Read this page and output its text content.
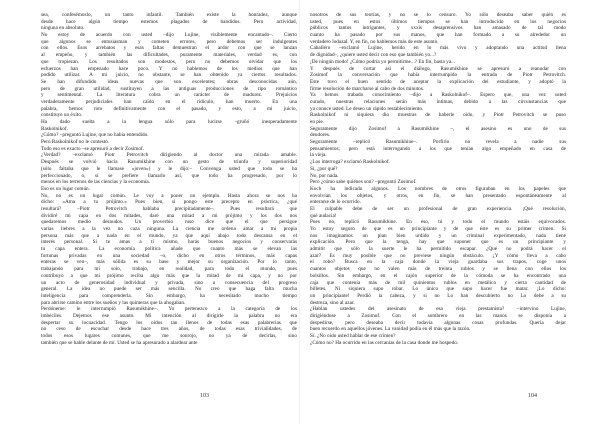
sea, confesémoslo, un tanto infantil. También existe la honradez, aunque
desde hace algún tiempo estemos plagados de bandidos. Pero actividad,
ninguna en absoluto.
No estoy de acuerdo con usted –dijo Lujine, visiblemente encantado–. Cierto
que algunos se entusiasman y cometen errores, pero debemos ser indulgentes
con ellos. Esos arrebatos y esas faltas demuestran el ardor con que se lanzan
al empeño, y también las dificultades, puramente materiales, verdad es, con
que tropiezan. Los resultados son modestos, pero no debemos olvidar que los
esfuerzos han empezado hace poco. Y no hablemos de los medios que han
podido utilizar. A mi juicio, no obstante, se han obtenido ya ciertos resultados.
Se han difundido ideas nuevas que son excelentes; obras desconocidas aún,
pero de gran utilidad, sustituyen a las antiguas producciones de tipo romántico
y sentimental. La literatura cobra un carácter de madurez. Prejuicios
verdaderamente perjudiciales han caído en el ridículo, han muerto. En una
palabra, hemos roto definitivamente con el pasado, y esto, a mi juicio,
constituye un éxito.
Ha dado suelta a la lengua sólo para lucirse –gruñó inesperadamente
Raskolnikof.
¿Cómo? –preguntó Lujine, que no había entendido.
Pero Raskolnikof no le contestó.
Todo eso es exacto –se apresuró a decir Zosimof.
¿Verdad? –exclamó Piotr Petrovitch dirigiendo al doctor una mirada amable.
Después se volvió hacia Rasumikhine con un gesto de triunfo y superioridad
(sólo faltaba que le llamase «joven») y le dijo:– Convenga usted que todo se ha
perfeccionado, o, si se prefiere llamarlo así, que todo ha progresado, por lo
menos en los terrenos de las ciencias y la economía.
Eso es un lugar común.
No, no es un lugar común. Le voy a poner un ejemplo. Hasta ahora se nos ha
dicho: «Ama a tu prójimo.» Pues bien, si pongo este precepto en práctica, ¿qué
resultará? –Piotr Petrovitch hablaba precipitadamente–. Pues resultará que
dividiré mi capa en dos mitades, daré una mitad a mi prójimo y los dos nos
quedaremos medio desnudos. Un proverbio ruso dice que el que persigue
varias liebres a la vez no caza ninguna. La ciencia me ordena amar a mi propia
persona más que a nada en el mundo, ya que aquí abajo todo descansa en el
interés personal. Si te amas a ti mismo, harás buenos negocios y conservarás
tu capa entera. La economía política añade que cuanto más se elevan las
fortunas privadas en una sociedad –o, dicho en otros términos, más capas
enteras se ven–, más sólida es su base y mejor su organización. Por lo tanto,
trabajando para mí solo, trabajo, en realidad, para todo el mundo, pues
contribuyo a que mi prójimo reciba algo más que la mitad de mi capa, y no por
un acto de generosidad individual y privada, sino a consecuencia del progreso
general. La idea no puede ser más sencilla. No creo que haga falta mucha
inteligencia para comprenderla. Sin embargo, ha necesitado mucho tiempo
para abrirse camino entre los sueños y las quimeras que la ahogaban.
Perdóneme: le interrumpió Rasumikhine–. Yo pertenezco a la categoría de los
imbéciles. Dejemos ese asunto. Mi intención al dirigirle la palabra no era
despertar su locuacidad. Tengo los oídos tan llenos de todas esas palabrerías que
no ceso de escuchar desde hace tres años, de todas esas trivialidades, de
todos esos lugares comunes, que me sonrojo, no ya de decirlas, sino
también que se hable delante de mí. Usted se ha apresurado a alardear ante
103
nosotros de sus teorías, y no se lo censuro. Yo sólo deseaba saber quién es
usted, pues en estos últimos tiempos se han introducido en los negocios
públicos tantos intrigantes, y xxxis desaprensivos han amasado de tal modo
cuanto ha pasado por sus manos, que han formado a su alrededor un
verdadero lodazal. Y, en fin, no hablemos más de este asunto.
Caballero –exclamó Lujine, herido en lo más vivo y adoptando una actitud llena
de dignidad–, ¿quiere usted decir con eso que también yo...?
¡De ningún modo! ¿Cómo podría yo permitirme...? En fin, basta ya...
Y después de cortar así el diálogo, Rasumikhine se apresuró a reanudar con
Zosimof la conversación que había interrumpido la entrada de Piotr Petrovitch.
Éste tuvo el buen sentido de aceptar la explicación del estudiante, y adoptó la
firme resolución de marcharse al cabo de dos minutos.
Ya hemos trabado conocimiento –dijo a Raskolnikof–. Espero que, una vez usted
curado, nuestras relaciones serán más íntimas, debido a las circunstancias que
ya conoce usted. Le deseo un rápido restablecimiento.
Raskolnikof ni siquiera dio muestras de haberle oído, y Piotr Petrovitch se puso
en pie.
Seguramente dijo Zosimof a Rasumikhine –, el asesino es uno de sus
deudores.
Seguramente –replicó Rasumikhine–. Porfirio no revela a nadie sus
pensamientos; pero está interrogando a los que tenían algo empeñado en casa de
la vieja.
¿Los interroga? exclamó Raskolnikof.
Sí, ¿por qué?
No, por nada.
Pero ¿cómo sabe quiénes son? –preguntó Zosimof.
Koch ha indicado algunos. Los nombres de otros figuraban en los papeles que
envolvían los objetos, y otros, en fin, se han presentado espontáneamente al
enterarse de lo ocurrido.
El culpable debe de ser un profesional de gran experiencia. ¡Qué resolución,
qué audacia!
Pues no, replicó Rasumikhine. En eso, tú y todo el mundo estáis equivocados.
Yo estoy seguro de que es un principiante y de que éste es su primer crimen. Si
nos imaginamos un plan bien urdido y un criminal experimentado, nada tiene
explicación. Pero que la tenga, hay que suponer que es un principiante y
admitir que sólo la suerte le ha permitido escapar. ¿Qué no podrá hacer el
azar? Es muy posible que no previese ningún obstáculo. ¿Y cómo lleva a cabo
el robo? Busca en la caja donde la vieja guardaba sus trapos, coge unos
cuantos objetos que no valen más de treinta rublos y se llena con ellos los
bolsillos. Sin embargo, en el cajón superior de la cómoda se ha encontrado una
caja que contenía más de mil quinientos rublos en metálico y cierta cantidad de
billetes. Ni siquiera supo robar. Lo único que supo hacer fue matar. ¡Lo dicho:
un principiante! Perdió la cabeza, y si no Lo han descubierto no Lo debe a su
destreza, sino al azar.
¿Hablan ustedes del asesinato de esa vieja prestamista? –intervino Lujine,
dirigiéndose a Zosimof. Con el sombrero en las manos se disponía a
despedirse, pero deseaba decir todavía algunas cosas profundas. Quería dejar
buen recuerdo en aquellos jóvenes. La vanidad podía en él más que la razón.
Sí. ¿No oído usted hablar de ese crimen?
¿Cómo no? Ha ocurrido en las cercanías de la casa donde me hospedo.
104
